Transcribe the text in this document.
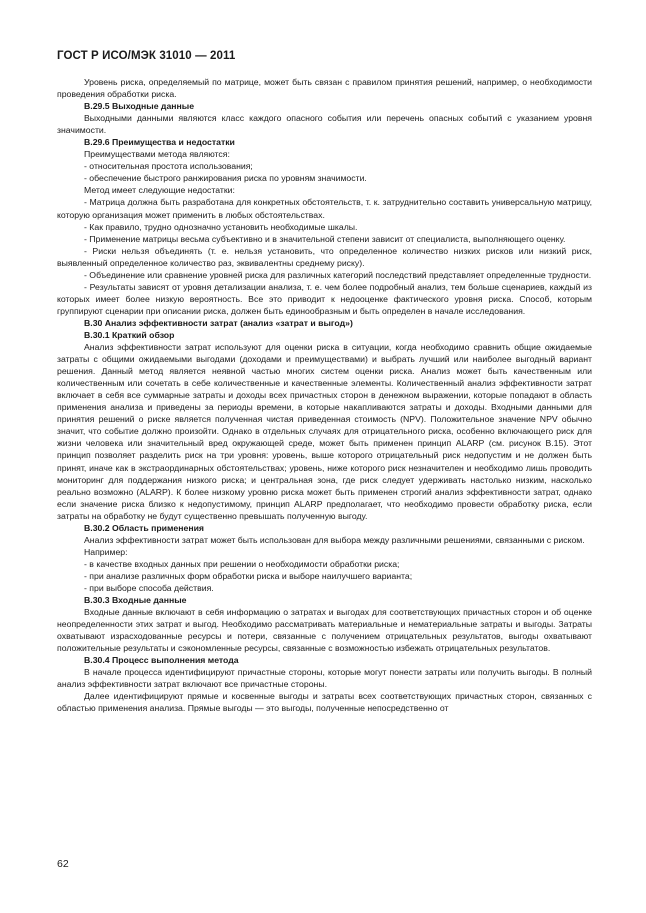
ГОСТ Р ИСО/МЭК 31010 — 2011

Уровень риска, определяемый по матрице, может быть связан с правилом принятия решений, например, о необходимости проведения обработки риска.

В.29.5 Выходные данные

Выходными данными являются класс каждого опасного события или перечень опасных событий с указанием уровня значимости.

В.29.6 Преимущества и недостатки

Преимуществами метода являются:

- относительная простота использования;

- обеспечение быстрого ранжирования риска по уровням значимости.

Метод имеет следующие недостатки:

- Матрица должна быть разработана для конкретных обстоятельств, т. к. затруднительно составить универсальную матрицу, которую организация может применить в любых обстоятельствах.

- Как правило, трудно однозначно установить необходимые шкалы.

- Применение матрицы весьма субъективно и в значительной степени зависит от специалиста, выполняющего оценку.

- Риски нельзя объединять (т. е. нельзя установить, что определенное количество низких рисков или низкий риск, выявленный определенное количество раз, эквивалентны среднему риску).

- Объединение или сравнение уровней риска для различных категорий последствий представляет определенные трудности.

- Результаты зависят от уровня детализации анализа, т. е. чем более подробный анализ, тем больше сценариев, каждый из которых имеет более низкую вероятность. Все это приводит к недооценке фактического уровня риска. Способ, которым группируют сценарии при описании риска, должен быть единообразным и быть определен в начале исследования.

В.30 Анализ эффективности затрат (анализ «затрат и выгод»)

В.30.1 Краткий обзор

Анализ эффективности затрат используют для оценки риска в ситуации, когда необходимо сравнить общие ожидаемые затраты с общими ожидаемыми выгодами (доходами и преимуществами) и выбрать лучший или наиболее выгодный вариант решения. Данный метод является неявной частью многих систем оценки риска. Анализ может быть качественным или количественным или сочетать в себе количественные и качественные элементы. Количественный анализ эффективности затрат включает в себя все суммарные затраты и доходы всех причастных сторон в денежном выражении, которые попадают в область применения анализа и приведены за периоды времени, в которые накапливаются затраты и доходы. Входными данными для принятия решений о риске является полученная чистая приведенная стоимость (NPV). Положительное значение NPV обычно значит, что событие должно произойти. Однако в отдельных случаях для отрицательного риска, особенно включающего риск для жизни человека или значительный вред окружающей среде, может быть применен принцип ALARP (см. рисунок В.15). Этот принцип позволяет разделить риск на три уровня: уровень, выше которого отрицательный риск недопустим и не должен быть принят, иначе как в экстраординарных обстоятельствах; уровень, ниже которого риск незначителен и необходимо лишь проводить мониторинг для поддержания низкого риска; и центральная зона, где риск следует удерживать настолько низким, насколько реально возможно (ALARP). К более низкому уровню риска может быть применен строгий анализ эффективности затрат, однако если значение риска близко к недопустимому, принцип ALARP предполагает, что необходимо провести обработку риска, если затраты на обработку не будут существенно превышать полученную выгоду.

В.30.2 Область применения

Анализ эффективности затрат может быть использован для выбора между различными решениями, связанными с риском.

Например:

- в качестве входных данных при решении о необходимости обработки риска;

- при анализе различных форм обработки риска и выборе наилучшего варианта;

- при выборе способа действия.

В.30.3 Входные данные

Входные данные включают в себя информацию о затратах и выгодах для соответствующих причастных сторон и об оценке неопределенности этих затрат и выгод. Необходимо рассматривать материальные и нематериальные затраты и выгоды. Затраты охватывают израсходованные ресурсы и потери, связанные с получением отрицательных результатов, выгоды охватывают положительные результаты и сэкономленные ресурсы, связанные с возможностью избежать отрицательных результатов.

В.30.4 Процесс выполнения метода

В начале процесса идентифицируют причастные стороны, которые могут понести затраты или получить выгоды. В полный анализ эффективности затрат включают все причастные стороны.

Далее идентифицируют прямые и косвенные выгоды и затраты всех соответствующих причастных сторон, связанных с областью применения анализа. Прямые выгоды — это выгоды, полученные непосредственно от

62
